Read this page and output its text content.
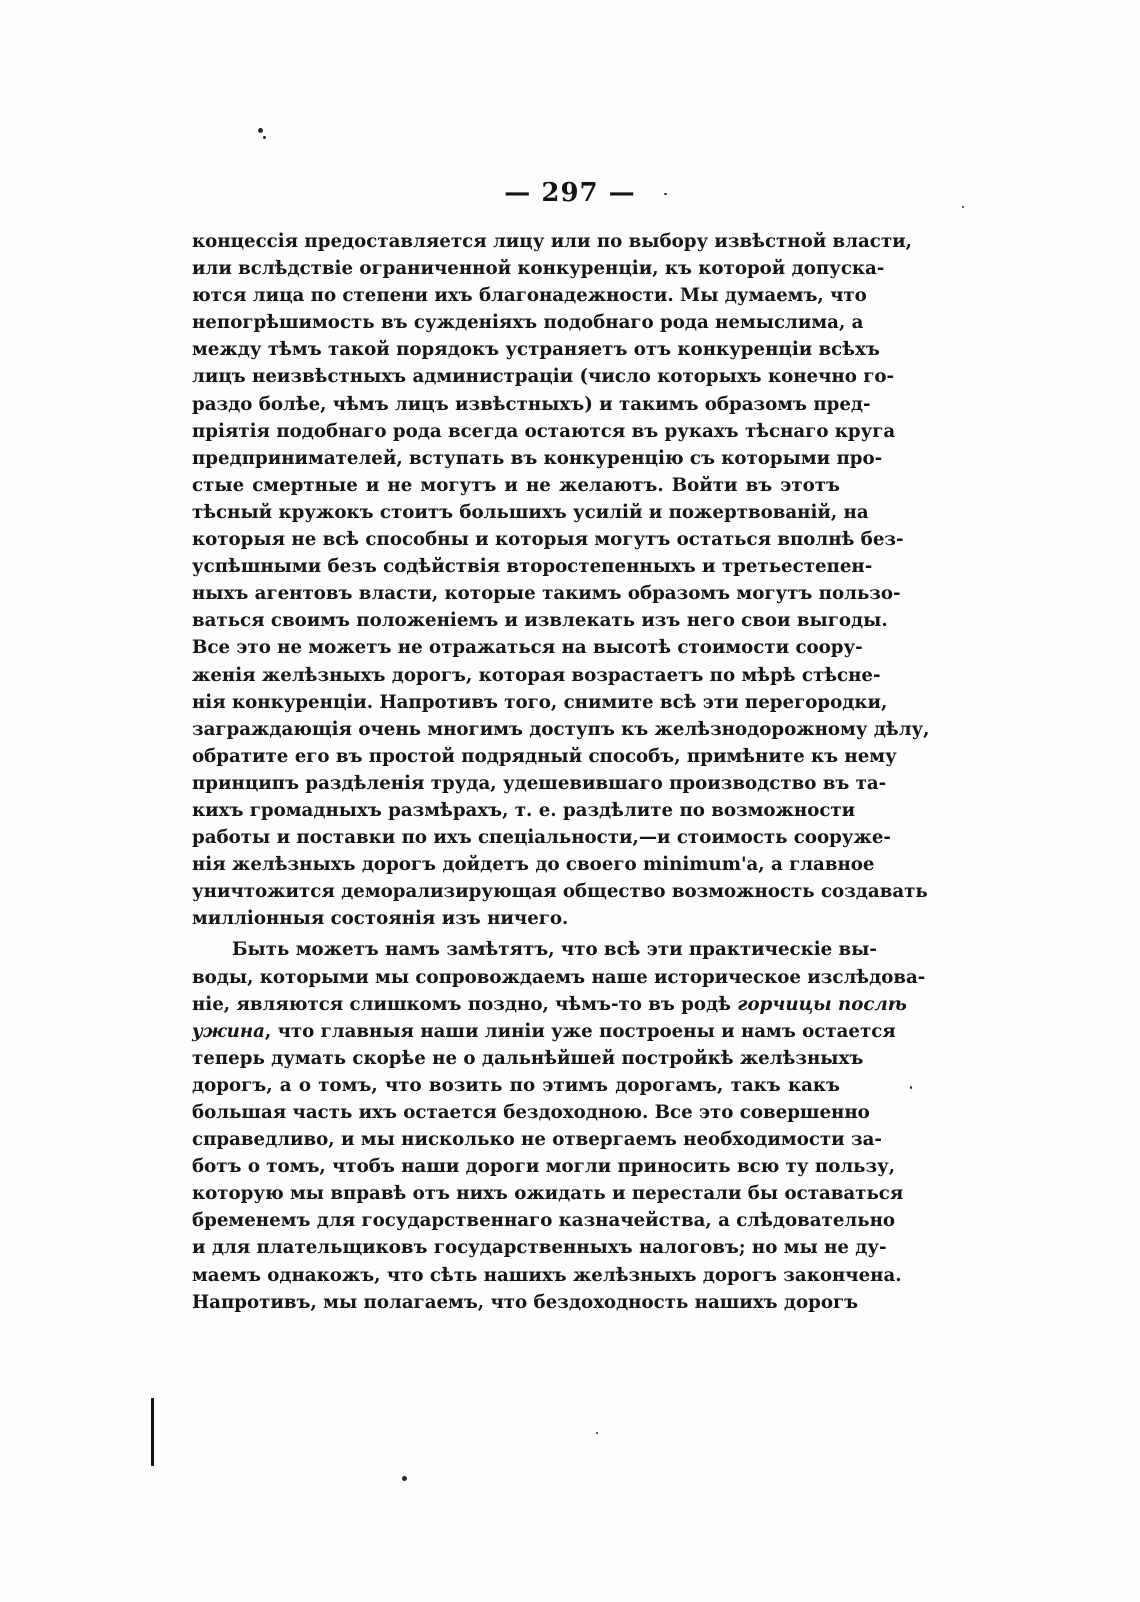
— 297 —
концессія предоставляется лицу или по выбору извѣстной власти,
или вслѣдствіе ограниченной конкуренціи, къ которой допуска-
ются лица по степени ихъ благонадежности. Мы думаемъ, что
непогрѣшимость въ сужденіяхъ подобнаго рода немыслима, а
между тѣмъ такой порядокъ устраняетъ отъ конкуренціи всѣхъ
лицъ неизвѣстныхъ администраціи (число которыхъ конечно го-
раздо болѣе, чѣмъ лицъ извѣстныхъ) и такимъ образомъ пред-
пріятія подобнаго рода всегда остаются въ рукахъ тѣснаго круга
предпринимателей, вступать въ конкуренцію съ которыми про-
стые смертные и не могутъ и не желаютъ. Войти въ этотъ
тѣсный кружокъ стоитъ большихъ усилій и пожертвованій, на
которыя не всѣ способны и которыя могутъ остаться вполнѣ без-
успѣшными безъ содѣйствія второстепенныхъ и третьестепен-
ныхъ агентовъ власти, которые такимъ образомъ могутъ пользо-
ваться своимъ положеніемъ и извлекать изъ него свои выгоды.
Все это не можетъ не отражаться на высотѣ стоимости соору-
женія желѣзныхъ дорогъ, которая возрастаетъ по мѣрѣ стѣсне-
нія конкуренціи. Напротивъ того, снимите всѣ эти перегородки,
заграждающія очень многимъ доступъ къ желѣзнодорожному дѣлу,
обратите его въ простой подрядный способъ, примѣните къ нему
принципъ раздѣленія труда, удешевившаго производство въ та-
кихъ громадныхъ размѣрахъ, т. е. раздѣлите по возможности
работы и поставки по ихъ спеціальности,—и стоимость сооруже-
нія желѣзныхъ дорогъ дойдетъ до своего minimum'а, а главное
уничтожится деморализирующая общество возможность создавать
милліонныя состоянія изъ ничего.
Быть можетъ намъ замѣтятъ, что всѣ эти практическіе вы-
воды, которыми мы сопровождаемъ наше историческое изслѣдова-
ніе, являются слишкомъ поздно, чѣмъ-то въ родѣ горчицы послѣ
ужина, что главныя наши линіи уже построены и намъ остается
теперь думать скорѣе не о дальнѣйшей постройкѣ желѣзныхъ
дорогъ, а о томъ, что возить по этимъ дорогамъ, такъ какъ
большая часть ихъ остается бездоходною. Все это совершенно
справедливо, и мы нисколько не отвергаемъ необходимости за-
ботъ о томъ, чтобъ наши дороги могли приносить всю ту пользу,
которую мы вправѣ отъ нихъ ожидать и перестали бы оставаться
бременемъ для государственнаго казначейства, а слѣдовательно
и для плательщиковъ государственныхъ налоговъ; но мы не ду-
маемъ однакожъ, что сѣть нашихъ желѣзныхъ дорогъ закончена.
Напротивъ, мы полагаемъ, что бездоходность нашихъ дорогъ
